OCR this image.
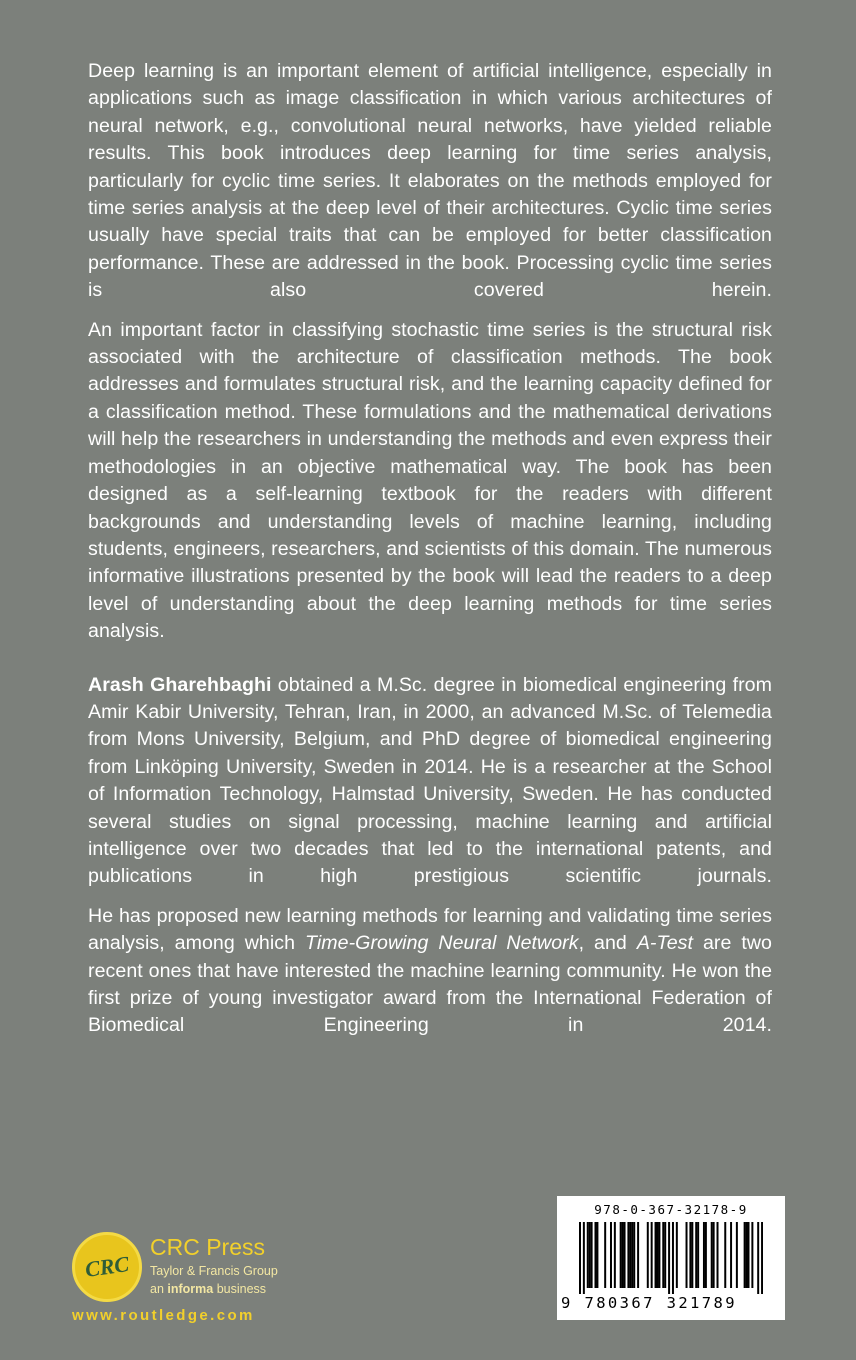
Deep learning is an important element of artificial intelligence, especially in applications such as image classification in which various architectures of neural network, e.g., convolutional neural networks, have yielded reliable results. This book introduces deep learning for time series analysis, particularly for cyclic time series. It elaborates on the methods employed for time series analysis at the deep level of their architectures. Cyclic time series usually have special traits that can be employed for better classification performance. These are addressed in the book. Processing cyclic time series is also covered herein.

An important factor in classifying stochastic time series is the structural risk associated with the architecture of classification methods. The book addresses and formulates structural risk, and the learning capacity defined for a classification method. These formulations and the mathematical derivations will help the researchers in understanding the methods and even express their methodologies in an objective mathematical way. The book has been designed as a self-learning textbook for the readers with different backgrounds and understanding levels of machine learning, including students, engineers, researchers, and scientists of this domain. The numerous informative illustrations presented by the book will lead the readers to a deep level of understanding about the deep learning methods for time series analysis.

Arash Gharehbaghi obtained a M.Sc. degree in biomedical engineering from Amir Kabir University, Tehran, Iran, in 2000, an advanced M.Sc. of Telemedia from Mons University, Belgium, and PhD degree of biomedical engineering from Linköping University, Sweden in 2014. He is a researcher at the School of Information Technology, Halmstad University, Sweden. He has conducted several studies on signal processing, machine learning and artificial intelligence over two decades that led to the international patents, and publications in high prestigious scientific journals.

He has proposed new learning methods for learning and validating time series analysis, among which Time-Growing Neural Network, and A-Test are two recent ones that have interested the machine learning community. He won the first prize of young investigator award from the International Federation of Biomedical Engineering in 2014.

CRC
CRC Press
Taylor & Francis Group
an informa business
www.routledge.com
978-0-367-32178-9
9 780367 321789
